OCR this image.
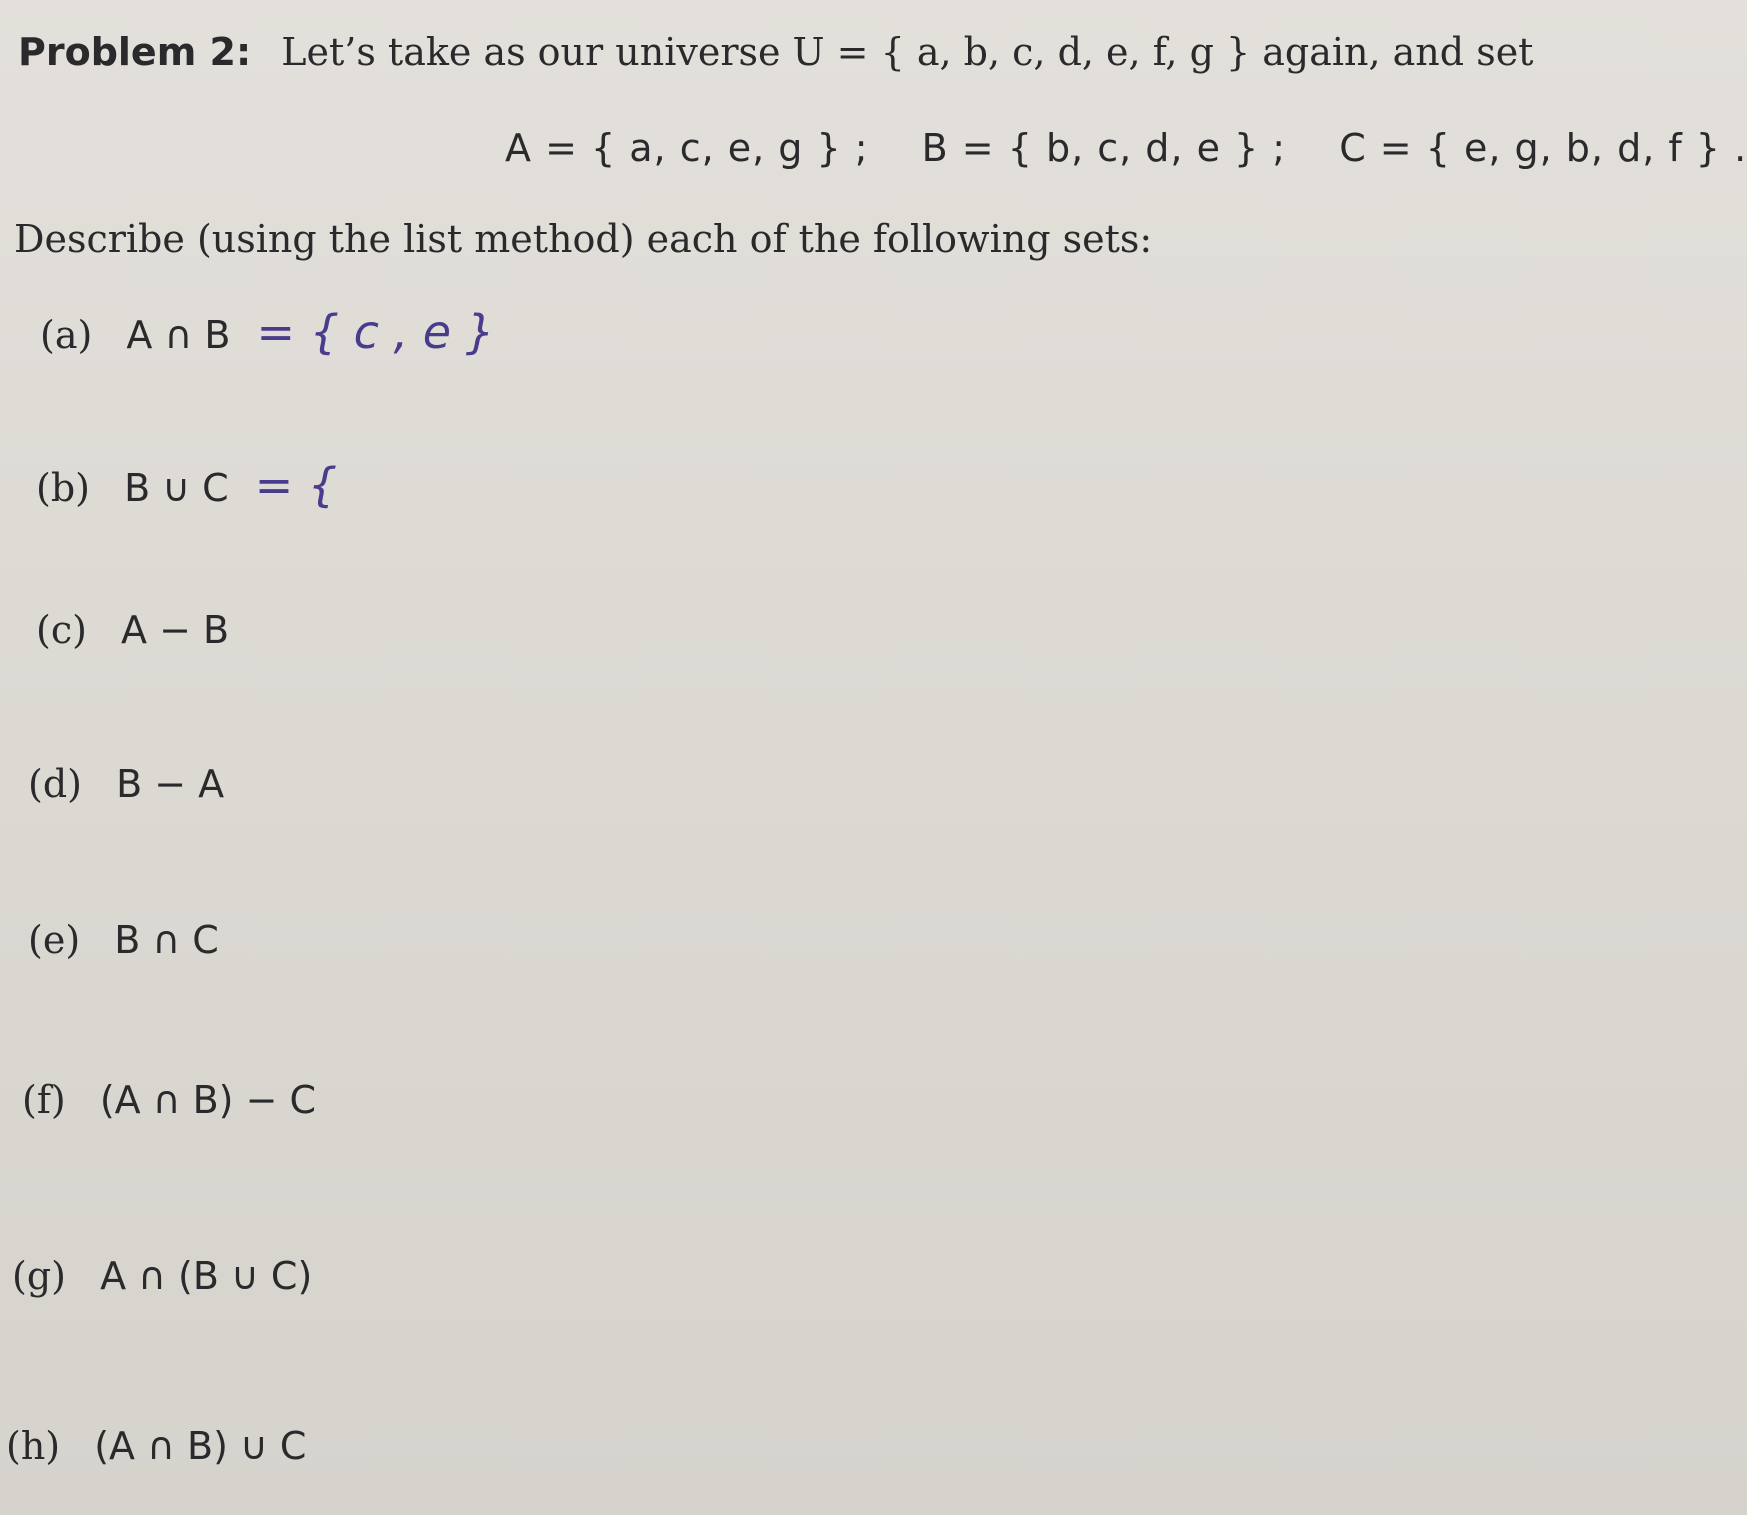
Problem 2: Let’s take as our universe U = { a, b, c, d, e, f, g } again, and set
A = { a, c, e, g } ; B = { b, c, d, e } ; C = { e, g, b, d, f } .
Describe (using the list method) each of the following sets:
(a) A ∩ B = { c , e }
(b) B ∪ C = {
(c) A − B
(d) B − A
(e) B ∩ C
(f) (A ∩ B) − C
(g) A ∩ (B ∪ C)
(h) (A ∩ B) ∪ C
